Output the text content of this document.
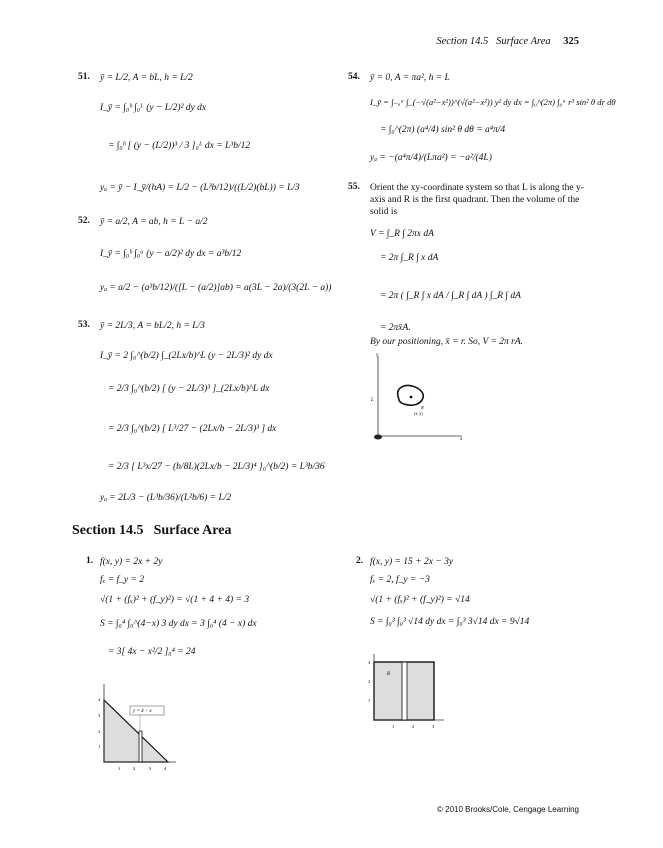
Section 14.5 Surface Area 325
51. ȳ = L/2, A = bL, h = L/2
I_ȳ = ∫₀ᵇ ∫₀ᴸ (y − L/2)² dy dx
= ∫₀ᵇ [ (y − (L/2))³ / 3 ]₀ᴸ dx = L³b/12
yₐ = ȳ − I_ȳ/(hA) = L/2 − (L³b/12)/((L/2)(bL)) = L/3
52. ȳ = a/2, A = ab, h = L − a/2
I_ȳ = ∫₀ᵇ ∫₀ᵃ (y − a/2)² dy dx = a³b/12
yₐ = a/2 − (a³b/12)/([L − (a/2)]ab) = a(3L − 2a)/(3(2L − a))
53. ȳ = 2L/3, A = bL/2, h = L/3
I_ȳ = 2 ∫₀^(b/2) ∫_(2Lx/b)^L (y − 2L/3)² dy dx
= 2/3 ∫₀^(b/2) [ (y − 2L/3)³ ]_(2Lx/b)^L dx
= 2/3 ∫₀^(b/2) [ L³/27 − (2Lx/b − 2L/3)³ ] dx
= 2/3 [ L³x/27 − (b/8L)(2Lx/b − 2L/3)⁴ ]₀^(b/2) = L³b/36
yₐ = 2L/3 − (L³b/36)/(L²b/6) = L/2
54. ȳ = 0, A = πa², h = L
I_ȳ = ∫₋ₐᵃ ∫_(−√(a²−x²))^(√(a²−x²)) y² dy dx = ∫₀^(2π) ∫₀ᵃ r³ sin² θ dr dθ
= ∫₀^(2π) (a⁴/4) sin² θ dθ = a⁴π/4
yₐ = −(a⁴π/4)/(Lπa²) = −a²/(4L)
55. Orient the xy-coordinate system so that L is along the y-axis and R is the first quadrant. Then the volume of the solid is
V = ∫_R ∫ 2πx dA
= 2π ∫_R ∫ x dA
= 2π ( ∫_R ∫ x dA / ∫_R ∫ dA ) ∫_R ∫ dA
= 2πx̄A.
By our positioning, x̄ = r. So, V = 2π rA.
y
x
L
R
(x̄, ȳ)
Section 14.5 Surface Area
1. f(x, y) = 2x + 2y
fₓ = f_y = 2
√(1 + (fₓ)² + (f_y)²) = √(1 + 4 + 4) = 3
S = ∫₀⁴ ∫₀^(4−x) 3 dy dx = 3 ∫₀⁴ (4 − x) dx
= 3[ 4x − x²/2 ]₀⁴ = 24
y = 4 − x
1	2	3	4
1
2
3
4
2. f(x, y) = 15 + 2x − 3y
fₓ = 2, f_y = −3
√(1 + (fₓ)² + (f_y)²) = √14
S = ∫₀³ ∫₀³ √14 dy dx = ∫₀³ 3√14 dx = 9√14
R
1	2	3
1
2
3
© 2010 Brooks/Cole, Cengage Learning
